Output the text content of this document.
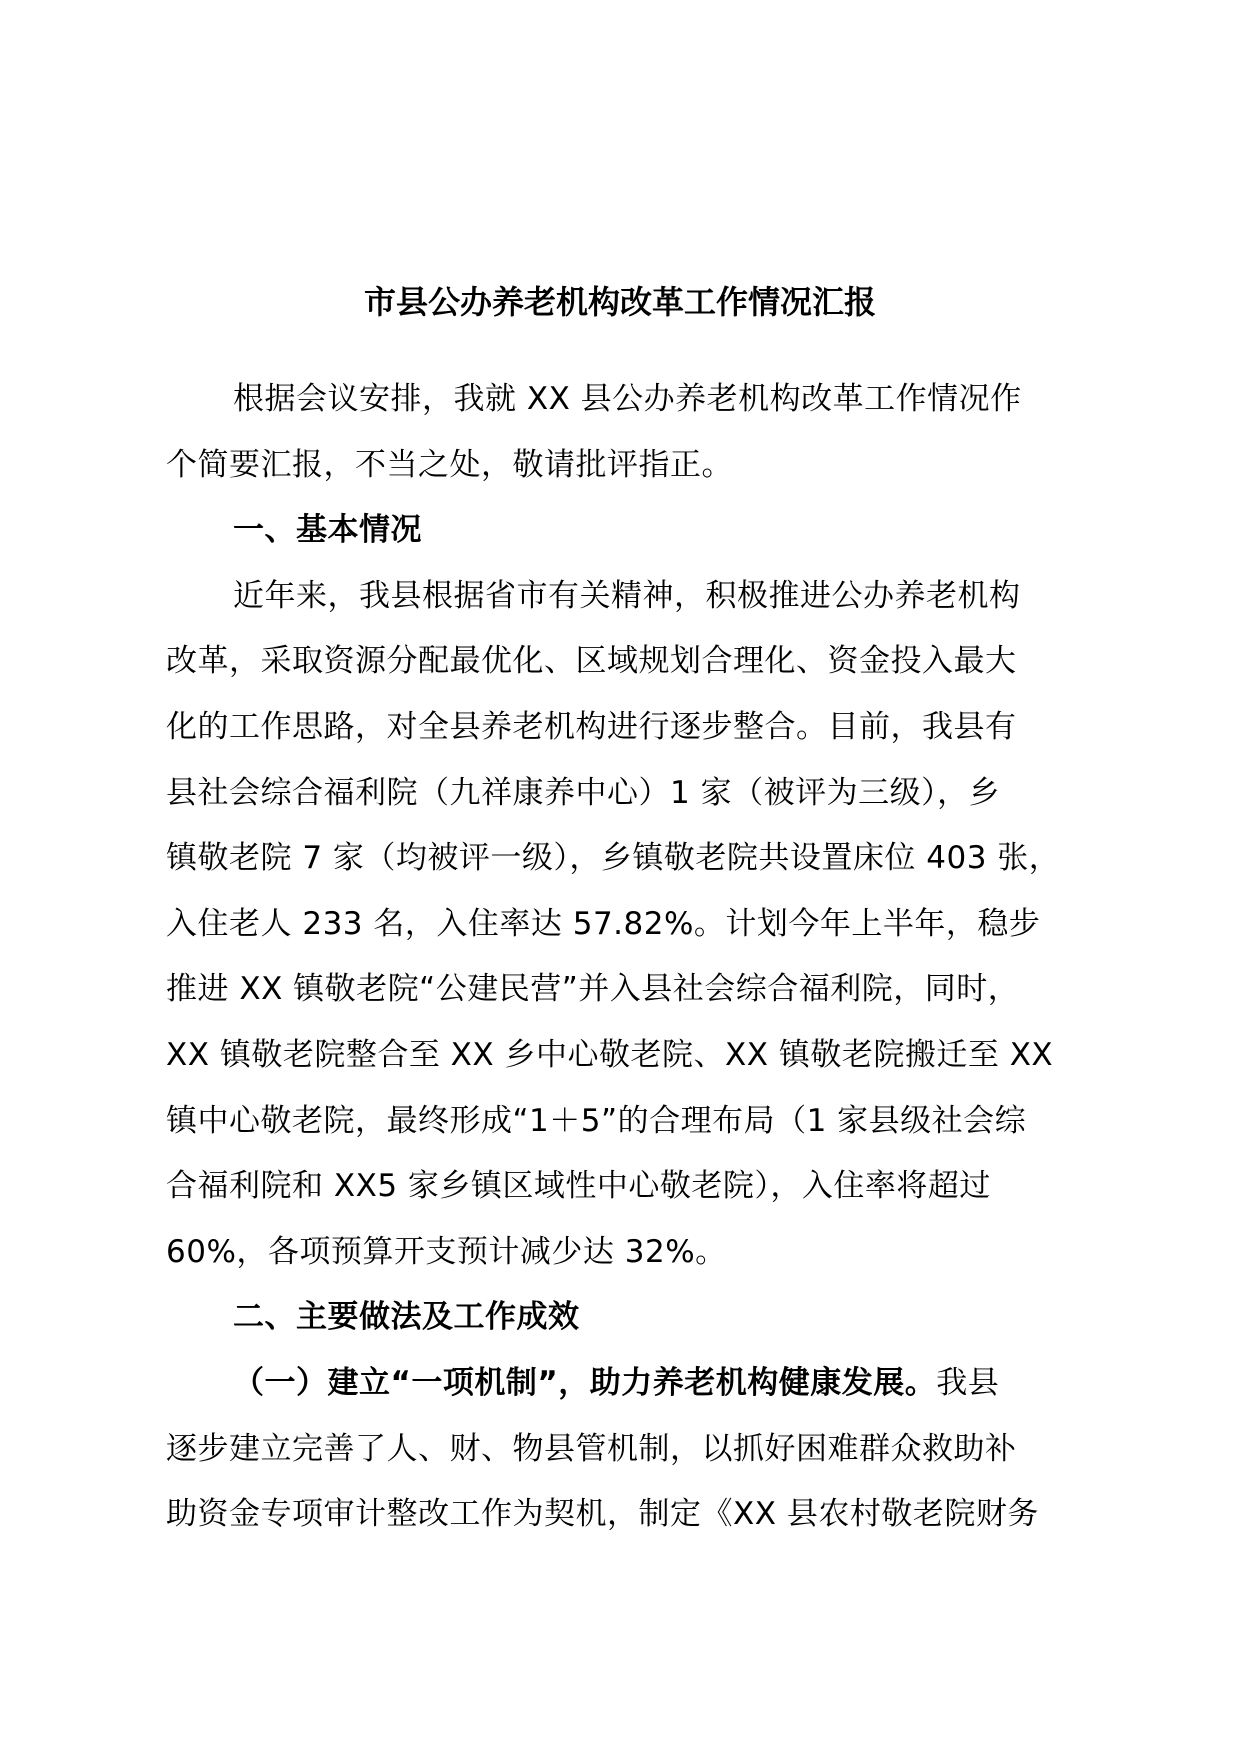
市县公办养老机构改革工作情况汇报
根据会议安排，我就 XX 县公办养老机构改革工作情况作
个简要汇报，不当之处，敬请批评指正。
一、基本情况
近年来，我县根据省市有关精神，积极推进公办养老机构
改革，采取资源分配最优化、区域规划合理化、资金投入最大
化的工作思路，对全县养老机构进行逐步整合。目前，我县有
县社会综合福利院（九祥康养中心）1 家（被评为三级），乡
镇敬老院 7 家（均被评一级），乡镇敬老院共设置床位 403 张，
入住老人 233 名，入住率达 57.82%。计划今年上半年，稳步
推进 XX 镇敬老院“公建民营”并入县社会综合福利院，同时，
XX 镇敬老院整合至 XX 乡中心敬老院、XX 镇敬老院搬迁至 XX
镇中心敬老院，最终形成“1＋5”的合理布局（1 家县级社会综
合福利院和 XX5 家乡镇区域性中心敬老院），入住率将超过
60%，各项预算开支预计减少达 32%。
二、主要做法及工作成效
（一）建立“一项机制”，助力养老机构健康发展。我县
逐步建立完善了人、财、物县管机制，以抓好困难群众救助补
助资金专项审计整改工作为契机，制定《XX 县农村敬老院财务
